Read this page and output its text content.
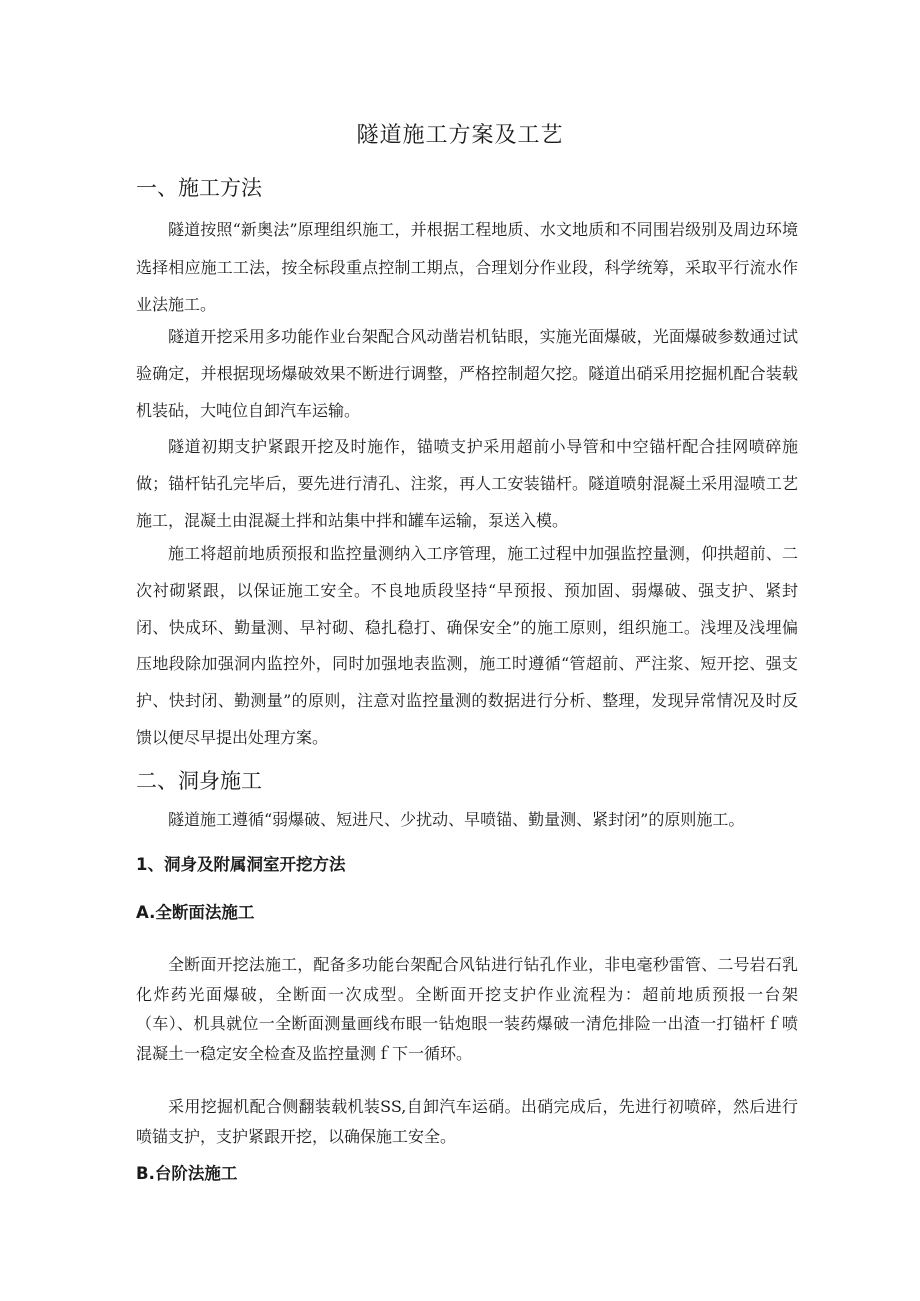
隧道施工方案及工艺
一、施工方法

隧道按照“新奥法”原理组织施工，并根据工程地质、水文地质和不同围岩级别及周边环境选择相应施工工法，按全标段重点控制工期点，合理划分作业段，科学统筹，采取平行流水作业法施工。

隧道开挖采用多功能作业台架配合风动凿岩机钻眼，实施光面爆破，光面爆破参数通过试验确定，并根据现场爆破效果不断进行调整，严格控制超欠挖。隧道出硝采用挖掘机配合装载机装砧，大吨位自卸汽车运输。

隧道初期支护紧跟开挖及时施作，锚喷支护采用超前小导管和中空锚杆配合挂网喷碎施做；锚杆钻孔完毕后，要先进行清孔、注浆，再人工安装锚杆。隧道喷射混凝土采用湿喷工艺施工，混凝土由混凝土拌和站集中拌和罐车运输，泵送入模。

施工将超前地质预报和监控量测纳入工序管理，施工过程中加强监控量测，仰拱超前、二次衬砌紧跟，以保证施工安全。不良地质段坚持“早预报、预加固、弱爆破、强支护、紧封闭、快成环、勤量测、早衬砌、稳扎稳打、确保安全”的施工原则，组织施工。浅埋及浅埋偏压地段除加强洞内监控外，同时加强地表监测，施工时遵循“管超前、严注浆、短开挖、强支护、快封闭、勤测量”的原则，注意对监控量测的数据进行分析、整理，发现异常情况及时反馈以便尽早提出处理方案。

二、洞身施工

隧道施工遵循“弱爆破、短进尺、少扰动、早喷锚、勤量测、紧封闭”的原则施工。

1、洞身及附属洞室开挖方法
A.全断面法施工

全断面开挖法施工，配备多功能台架配合风钻进行钻孔作业，非电毫秒雷管、二号岩石乳化炸药光面爆破，全断面一次成型。全断面开挖支护作业流程为：超前地质预报一台架（车）、机具就位一全断面测量画线布眼一钻炮眼一装药爆破一清危排险一出渣一打锚杆ｆ喷混凝土一稳定安全检查及监控量测ｆ下一循环。

采用挖掘机配合侧翻装载机装SS,自卸汽车运硝。出硝完成后，先进行初喷碎，然后进行喷锚支护，支护紧跟开挖，以确保施工安全。

B.台阶法施工
